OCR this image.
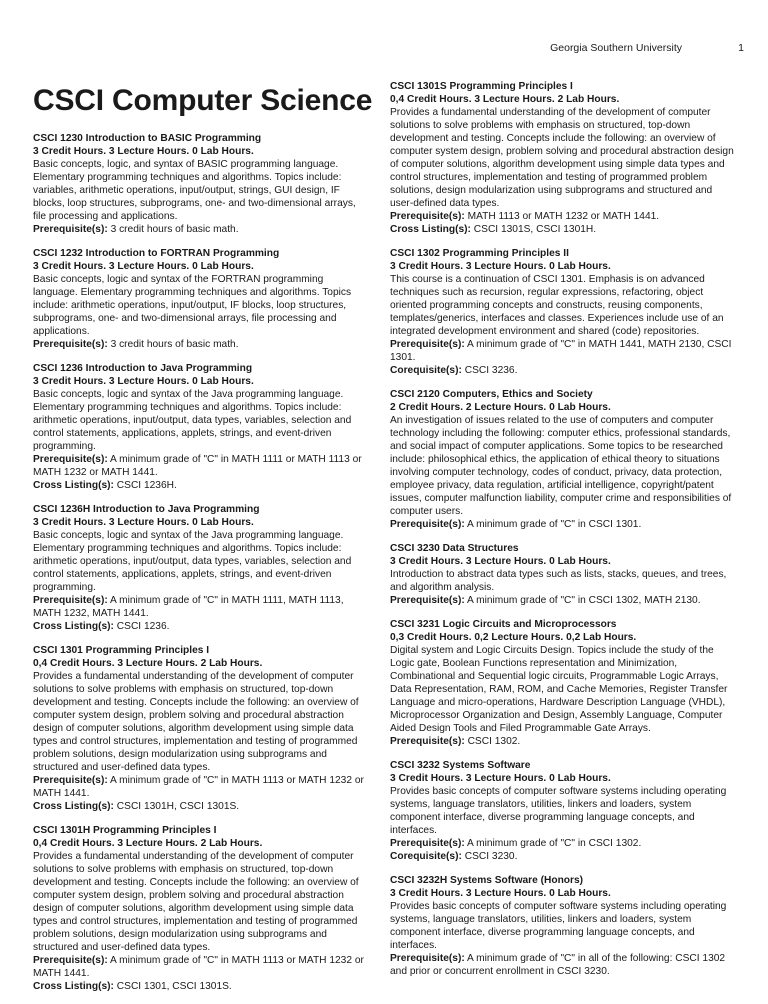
Georgia Southern University	1
CSCI Computer Science
CSCI 1230 Introduction to BASIC Programming
3 Credit Hours. 3 Lecture Hours. 0 Lab Hours.
Basic concepts, logic, and syntax of BASIC programming language. Elementary programming techniques and algorithms. Topics include: variables, arithmetic operations, input/output, strings, GUI design, IF blocks, loop structures, subprograms, one- and two-dimensional arrays, file processing and applications.
Prerequisite(s): 3 credit hours of basic math.
CSCI 1232 Introduction to FORTRAN Programming
3 Credit Hours. 3 Lecture Hours. 0 Lab Hours.
Basic concepts, logic and syntax of the FORTRAN programming language. Elementary programming techniques and algorithms. Topics include: arithmetic operations, input/output, IF blocks, loop structures, subprograms, one- and two-dimensional arrays, file processing and applications.
Prerequisite(s): 3 credit hours of basic math.
CSCI 1236 Introduction to Java Programming
3 Credit Hours. 3 Lecture Hours. 0 Lab Hours.
Basic concepts, logic and syntax of the Java programming language. Elementary programming techniques and algorithms. Topics include: arithmetic operations, input/output, data types, variables, selection and control statements, applications, applets, strings, and event-driven programming.
Prerequisite(s): A minimum grade of "C" in MATH 1111 or MATH 1113 or MATH 1232 or MATH 1441.
Cross Listing(s): CSCI 1236H.
CSCI 1236H Introduction to Java Programming
3 Credit Hours. 3 Lecture Hours. 0 Lab Hours.
Basic concepts, logic and syntax of the Java programming language. Elementary programming techniques and algorithms. Topics include: arithmetic operations, input/output, data types, variables, selection and control statements, applications, applets, strings, and event-driven programming.
Prerequisite(s): A minimum grade of "C" in MATH 1111, MATH 1113, MATH 1232, MATH 1441.
Cross Listing(s): CSCI 1236.
CSCI 1301 Programming Principles I
0,4 Credit Hours. 3 Lecture Hours. 2 Lab Hours.
Provides a fundamental understanding of the development of computer solutions to solve problems with emphasis on structured, top-down development and testing. Concepts include the following: an overview of computer system design, problem solving and procedural abstraction design of computer solutions, algorithm development using simple data types and control structures, implementation and testing of programmed problem solutions, design modularization using subprograms and structured and user-defined data types.
Prerequisite(s): A minimum grade of "C" in MATH 1113 or MATH 1232 or MATH 1441.
Cross Listing(s): CSCI 1301H, CSCI 1301S.
CSCI 1301H Programming Principles I
0,4 Credit Hours. 3 Lecture Hours. 2 Lab Hours.
Provides a fundamental understanding of the development of computer solutions to solve problems with emphasis on structured, top-down development and testing. Concepts include the following: an overview of computer system design, problem solving and procedural abstraction design of computer solutions, algorithm development using simple data types and control structures, implementation and testing of programmed problem solutions, design modularization using subprograms and structured and user-defined data types.
Prerequisite(s): A minimum grade of "C" in MATH 1113 or MATH 1232 or MATH 1441.
Cross Listing(s): CSCI 1301, CSCI 1301S.
CSCI 1301S Programming Principles I
0,4 Credit Hours. 3 Lecture Hours. 2 Lab Hours.
Provides a fundamental understanding of the development of computer solutions to solve problems with emphasis on structured, top-down development and testing. Concepts include the following: an overview of computer system design, problem solving and procedural abstraction design of computer solutions, algorithm development using simple data types and control structures, implementation and testing of programmed problem solutions, design modularization using subprograms and structured and user-defined data types.
Prerequisite(s): MATH 1113 or MATH 1232 or MATH 1441.
Cross Listing(s): CSCI 1301S, CSCI 1301H.
CSCI 1302 Programming Principles II
3 Credit Hours. 3 Lecture Hours. 0 Lab Hours.
This course is a continuation of CSCI 1301. Emphasis is on advanced techniques such as recursion, regular expressions, refactoring, object oriented programming concepts and constructs, reusing components, templates/generics, interfaces and classes. Experiences include use of an integrated development environment and shared (code) repositories.
Prerequisite(s): A minimum grade of "C" in MATH 1441, MATH 2130, CSCI 1301.
Corequisite(s): CSCI 3236.
CSCI 2120 Computers, Ethics and Society
2 Credit Hours. 2 Lecture Hours. 0 Lab Hours.
An investigation of issues related to the use of computers and computer technology including the following: computer ethics, professional standards, and social impact of computer applications. Some topics to be researched include: philosophical ethics, the application of ethical theory to situations involving computer technology, codes of conduct, privacy, data protection, employee privacy, data regulation, artificial intelligence, copyright/patent issues, computer malfunction liability, computer crime and responsibilities of computer users.
Prerequisite(s): A minimum grade of "C" in CSCI 1301.
CSCI 3230 Data Structures
3 Credit Hours. 3 Lecture Hours. 0 Lab Hours.
Introduction to abstract data types such as lists, stacks, queues, and trees, and algorithm analysis.
Prerequisite(s): A minimum grade of "C" in CSCI 1302, MATH 2130.
CSCI 3231 Logic Circuits and Microprocessors
0,3 Credit Hours. 0,2 Lecture Hours. 0,2 Lab Hours.
Digital system and Logic Circuits Design. Topics include the study of the Logic gate, Boolean Functions representation and Minimization, Combinational and Sequential logic circuits, Programmable Logic Arrays, Data Representation, RAM, ROM, and Cache Memories, Register Transfer Language and micro-operations, Hardware Description Language (VHDL), Microprocessor Organization and Design, Assembly Language, Computer Aided Design Tools and Filed Programmable Gate Arrays.
Prerequisite(s): CSCI 1302.
CSCI 3232 Systems Software
3 Credit Hours. 3 Lecture Hours. 0 Lab Hours.
Provides basic concepts of computer software systems including operating systems, language translators, utilities, linkers and loaders, system component interface, diverse programming language concepts, and interfaces.
Prerequisite(s): A minimum grade of "C" in CSCI 1302.
Corequisite(s): CSCI 3230.
CSCI 3232H Systems Software (Honors)
3 Credit Hours. 3 Lecture Hours. 0 Lab Hours.
Provides basic concepts of computer software systems including operating systems, language translators, utilities, linkers and loaders, system component interface, diverse programming language concepts, and interfaces.
Prerequisite(s): A minimum grade of "C" in all of the following: CSCI 1302 and prior or concurrent enrollment in CSCI 3230.
